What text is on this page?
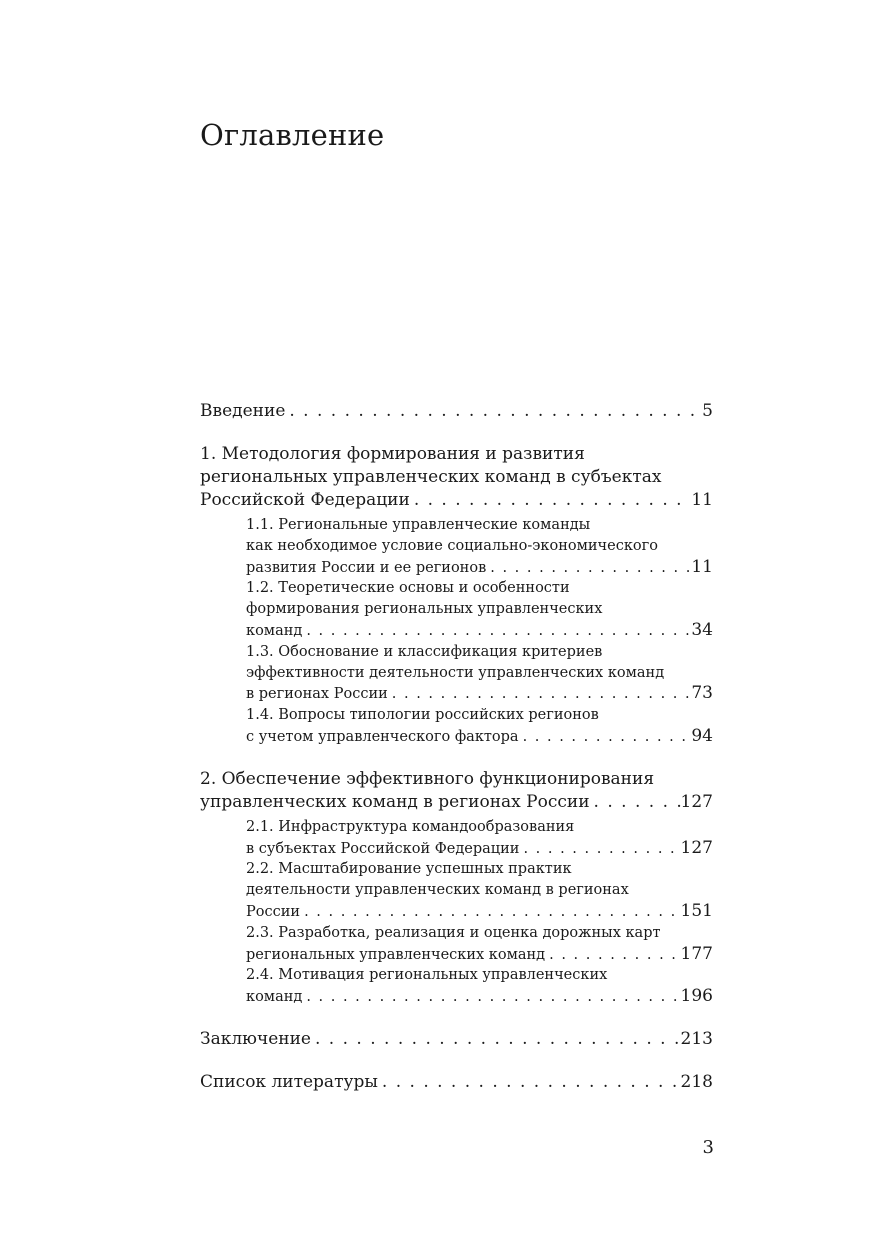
Оглавление
Введение . . .	5
1. Методология формирования и развития
региональных управленческих команд в субъектах
Российской Федерации . . .	11
1.1. Региональные управленческие команды
как необходимое условие социально-экономического
развития России и ее регионов . . .	11
1.2. Теоретические основы и особенности
формирования региональных управленческих
команд . . .	34
1.3. Обоснование и классификация критериев
эффективности деятельности управленческих команд
в регионах России . . .	73
1.4. Вопросы типологии российских регионов
с учетом управленческого фактора . . .	94
2. Обеспечение эффективного функционирования
управленческих команд в регионах России . . .	127
2.1. Инфраструктура командообразования
в субъектах Российской Федерации . . .	127
2.2. Масштабирование успешных практик
деятельности управленческих команд в регионах
России . . .	151
2.3. Разработка, реализация и оценка дорожных карт
региональных управленческих команд . . .	177
2.4. Мотивация региональных управленческих
команд . . .	196
Заключение . . .	213
Список литературы . . .	218
3
